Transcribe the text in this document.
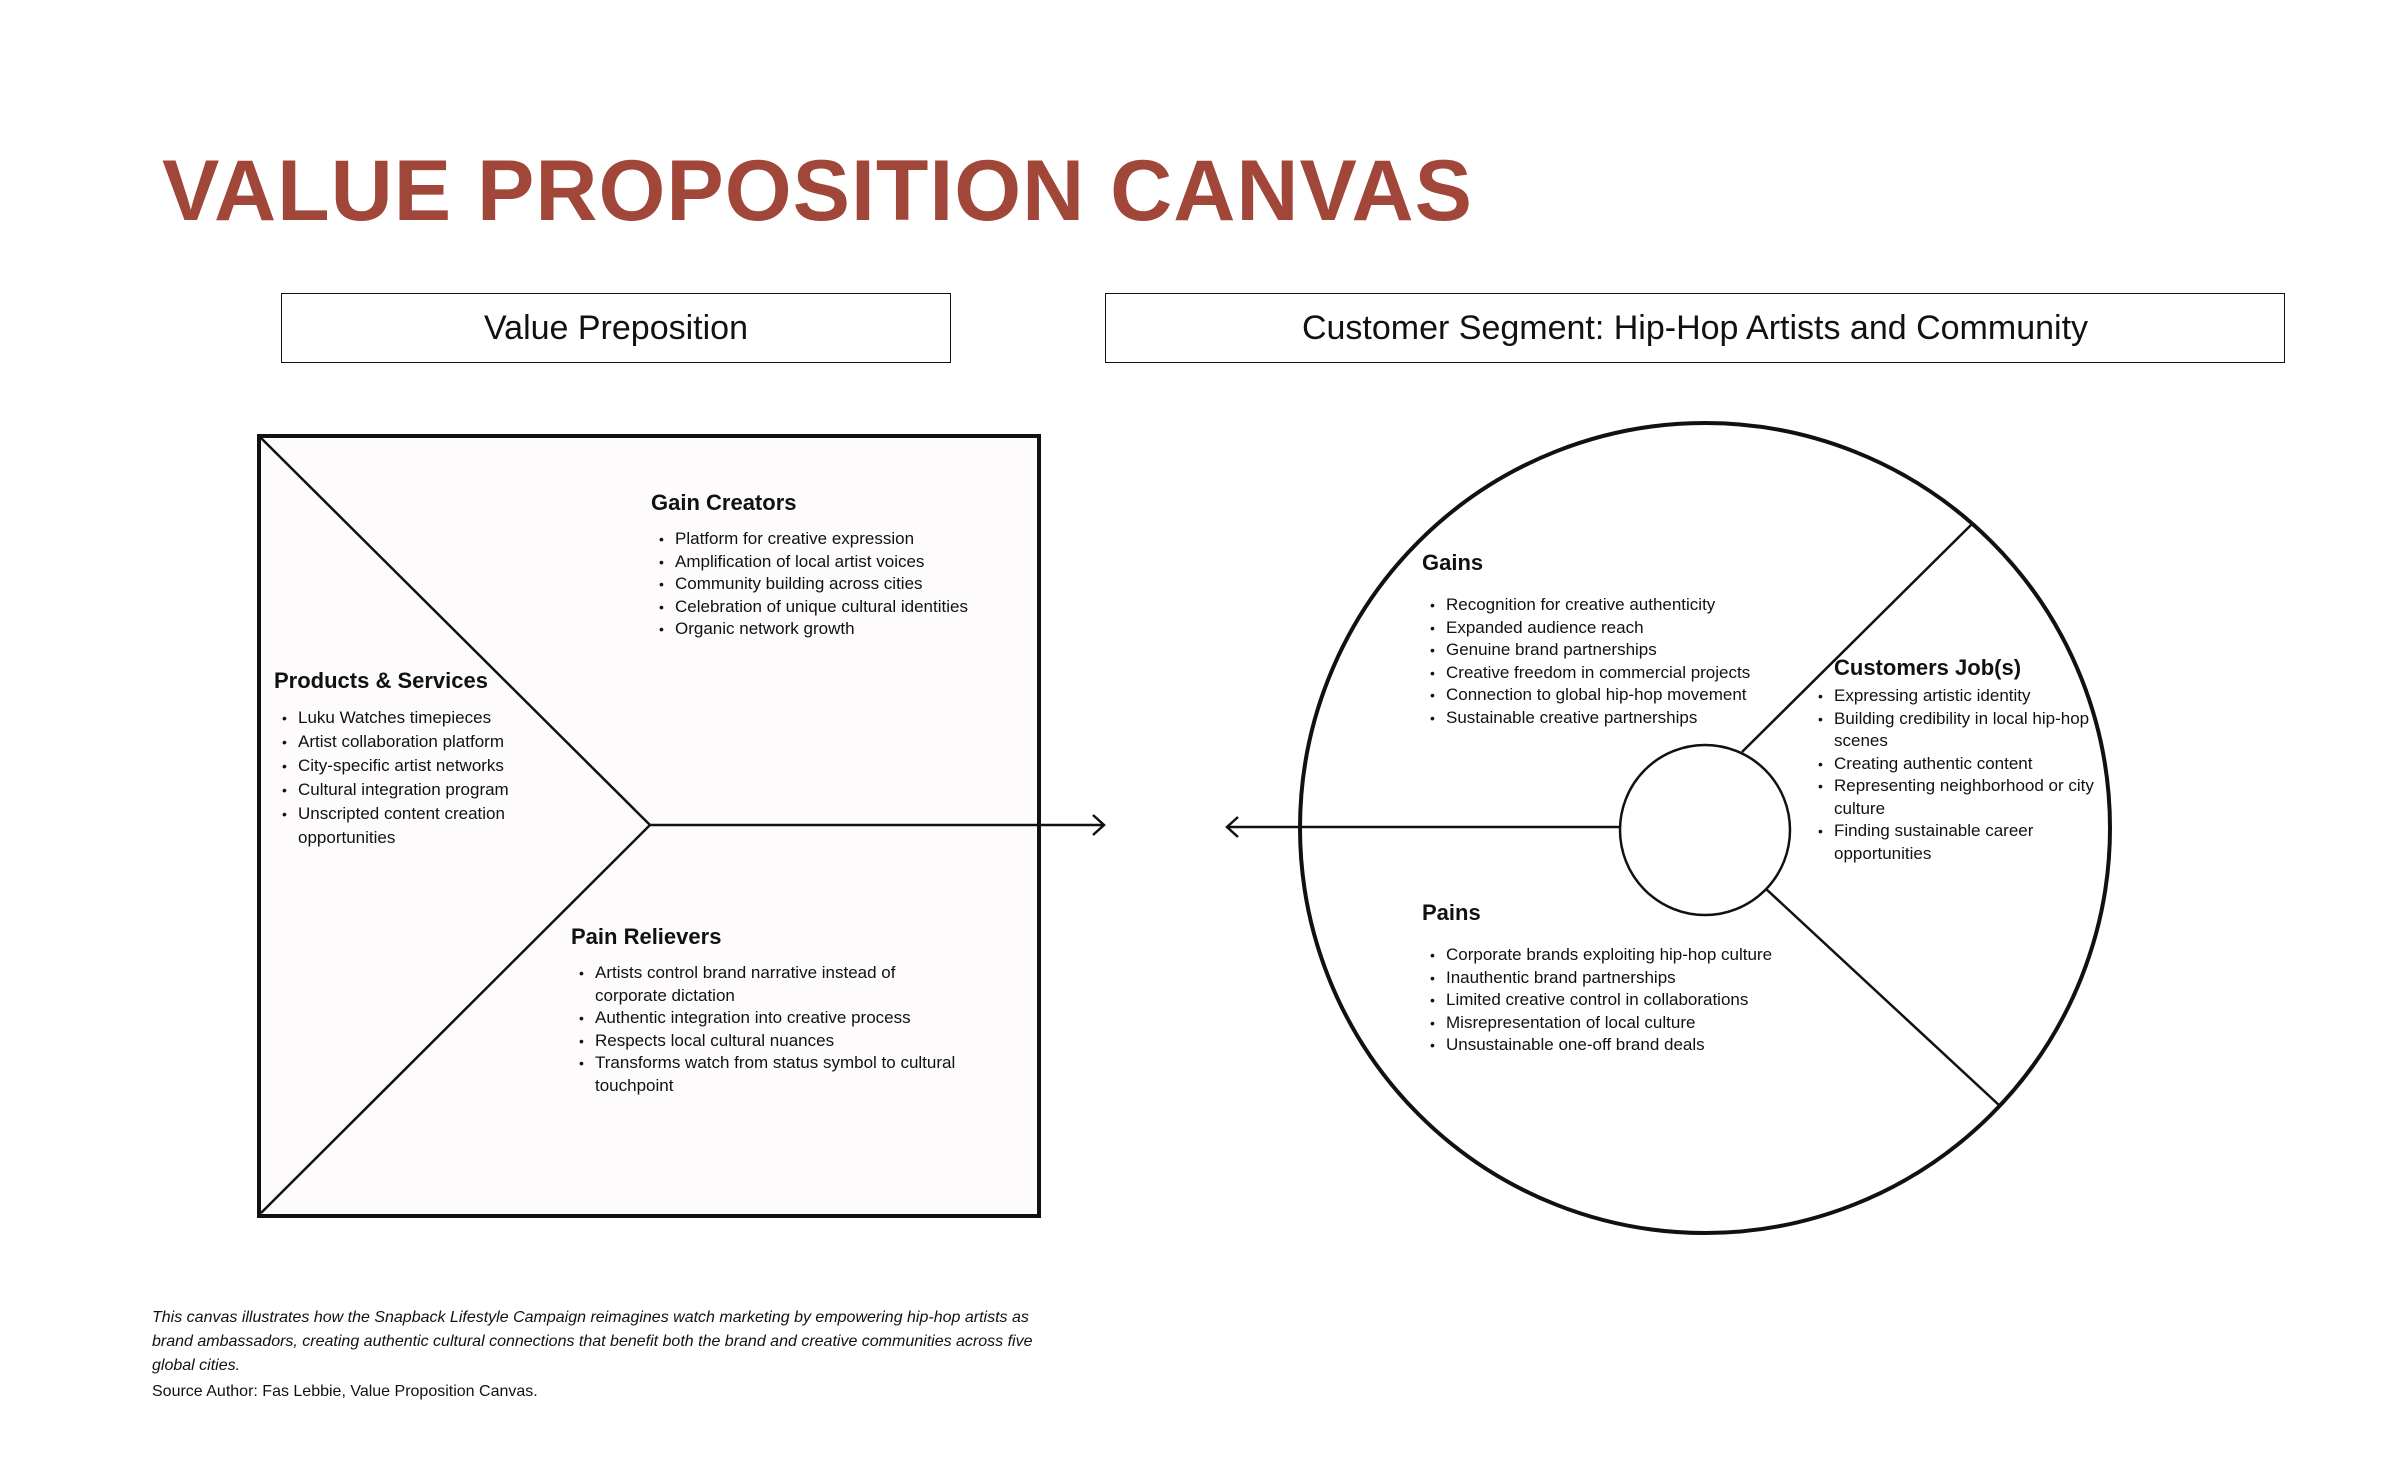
VALUE PROPOSITION CANVAS
Value Preposition	Customer Segment: Hip-Hop Artists and Community
Gain Creators
• Platform for creative expression
• Amplification of local artist voices
• Community building across cities
• Celebration of unique cultural identities
• Organic network growth
Products & Services
• Luku Watches timepieces
• Artist collaboration platform
• City-specific artist networks
• Cultural integration program
• Unscripted content creation opportunities
Pain Relievers
• Artists control brand narrative instead of corporate dictation
• Authentic integration into creative process
• Respects local cultural nuances
• Transforms watch from status symbol to cultural touchpoint
Gains
• Recognition for creative authenticity
• Expanded audience reach
• Genuine brand partnerships
• Creative freedom in commercial projects
• Connection to global hip-hop movement
• Sustainable creative partnerships
Customers Job(s)
• Expressing artistic identity
• Building credibility in local hip-hop scenes
• Creating authentic content
• Representing neighborhood or city culture
• Finding sustainable career opportunities
Pains
• Corporate brands exploiting hip-hop culture
• Inauthentic brand partnerships
• Limited creative control in collaborations
• Misrepresentation of local culture
• Unsustainable one-off brand deals
This canvas illustrates how the Snapback Lifestyle Campaign reimagines watch marketing by empowering hip-hop artists as brand ambassadors, creating authentic cultural connections that benefit both the brand and creative communities across five global cities.
Source Author: Fas Lebbie, Value Proposition Canvas.
